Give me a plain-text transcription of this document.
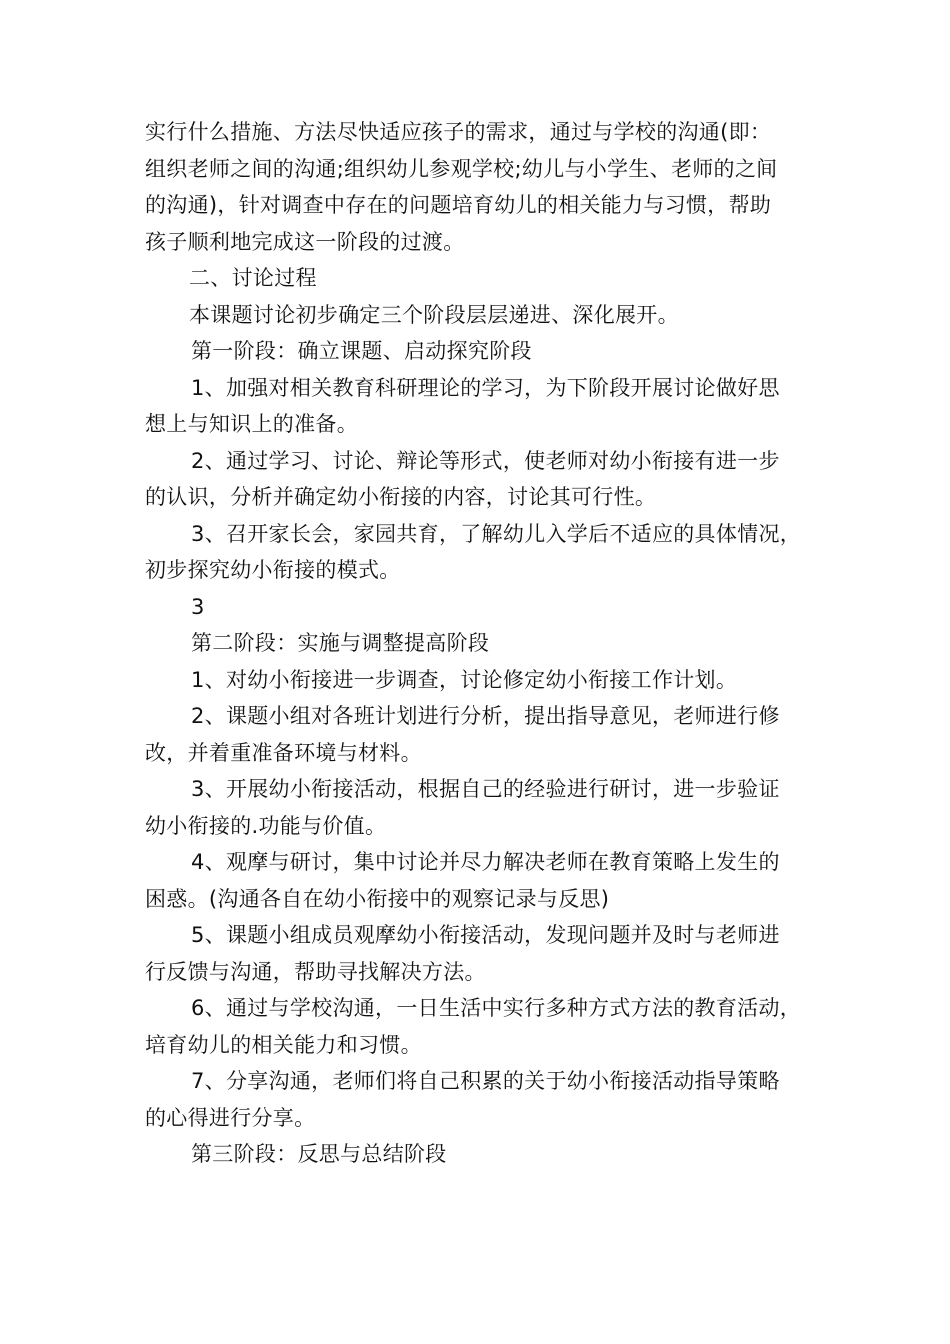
实行什么措施、方法尽快适应孩子的需求，通过与学校的沟通(即：
组织老师之间的沟通;组织幼儿参观学校;幼儿与小学生、老师的之间
的沟通)，针对调查中存在的问题培育幼儿的相关能力与习惯，帮助
孩子顺利地完成这一阶段的过渡。
二、讨论过程
本课题讨论初步确定三个阶段层层递进、深化展开。
第一阶段：确立课题、启动探究阶段
1、加强对相关教育科研理论的学习，为下阶段开展讨论做好思
想上与知识上的准备。
2、通过学习、讨论、辩论等形式，使老师对幼小衔接有进一步
的认识，分析并确定幼小衔接的内容，讨论其可行性。
3、召开家长会，家园共育，了解幼儿入学后不适应的具体情况，
初步探究幼小衔接的模式。
3
第二阶段：实施与调整提高阶段
1、对幼小衔接进一步调查，讨论修定幼小衔接工作计划。
2、课题小组对各班计划进行分析，提出指导意见，老师进行修
改，并着重准备环境与材料。
3、开展幼小衔接活动，根据自己的经验进行研讨，进一步验证
幼小衔接的.功能与价值。
4、观摩与研讨，集中讨论并尽力解决老师在教育策略上发生的
困惑。(沟通各自在幼小衔接中的观察记录与反思)
5、课题小组成员观摩幼小衔接活动，发现问题并及时与老师进
行反馈与沟通，帮助寻找解决方法。
6、通过与学校沟通，一日生活中实行多种方式方法的教育活动，
培育幼儿的相关能力和习惯。
7、分享沟通，老师们将自己积累的关于幼小衔接活动指导策略
的心得进行分享。
第三阶段：反思与总结阶段
